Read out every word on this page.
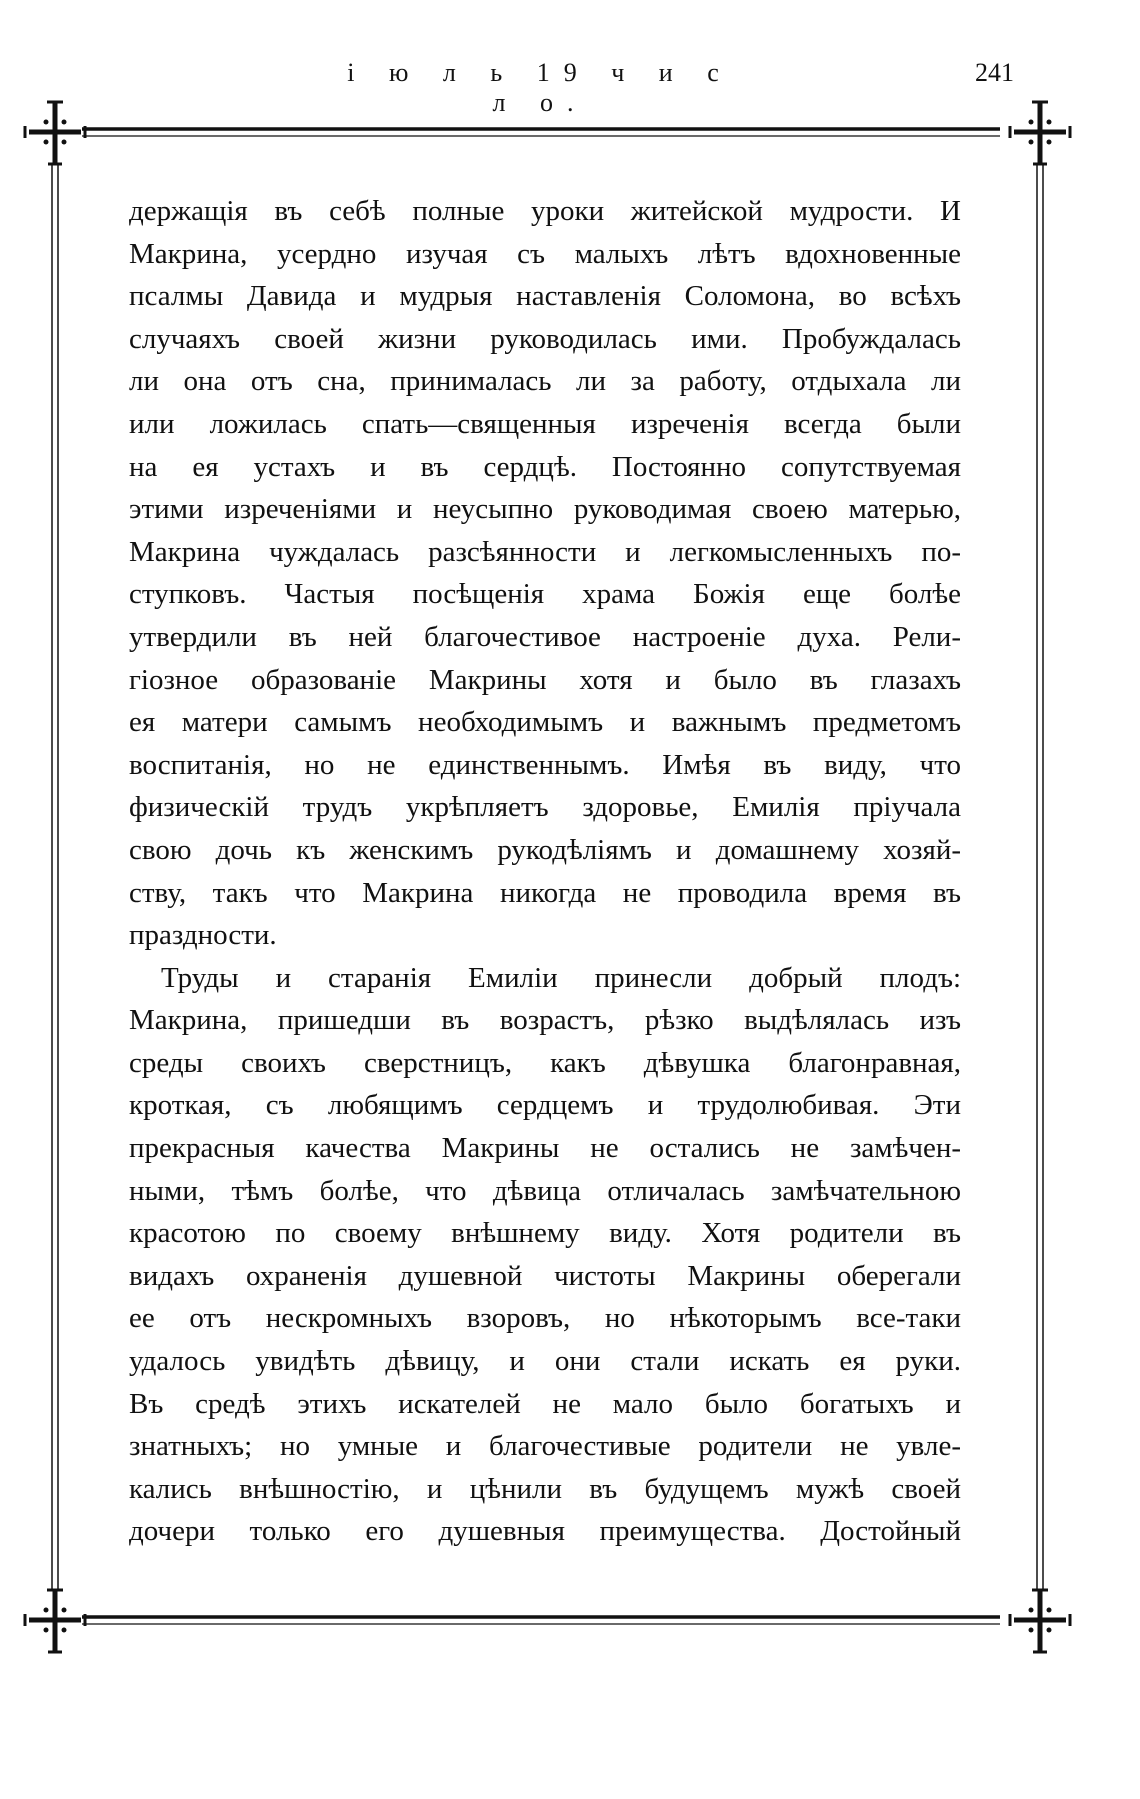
і ю л ь 19 ч и с л о.
241
держащія въ себѣ полные уроки житейской мудрости. И
Макрина, усердно изучая съ малыхъ лѣтъ вдохновенные
псалмы Давида и мудрыя наставленія Соломона, во всѣхъ
случаяхъ своей жизни руководилась ими. Пробуждалась
ли она отъ сна, принималась ли за работу, отдыхала ли
или ложилась спать—священныя изреченія всегда были
на ея устахъ и въ сердцѣ. Постоянно сопутствуемая
этими изреченіями и неусыпно руководимая своею матерью,
Макрина чуждалась разсѣянности и легкомысленныхъ по-
ступковъ. Частыя посѣщенія храма Божія еще болѣе
утвердили въ ней благочестивое настроеніе духа. Рели-
гіозное образованіе Макрины хотя и было въ глазахъ
ея матери самымъ необходимымъ и важнымъ предметомъ
воспитанія, но не единственнымъ. Имѣя въ виду, что
физическій трудъ укрѣпляетъ здоровье, Емилія пріучала
свою дочь къ женскимъ рукодѣліямъ и домашнему хозяй-
ству, такъ что Макрина никогда не проводила время въ
праздности.
Труды и старанія Емиліи принесли добрый плодъ:
Макрина, пришедши въ возрастъ, рѣзко выдѣлялась изъ
среды своихъ сверстницъ, какъ дѣвушка благонравная,
кроткая, съ любящимъ сердцемъ и трудолюбивая. Эти
прекрасныя качества Макрины не остались не замѣчен-
ными, тѣмъ болѣе, что дѣвица отличалась замѣчательною
красотою по своему внѣшнему виду. Хотя родители въ
видахъ охраненія душевной чистоты Макрины оберегали
ее отъ нескромныхъ взоровъ, но нѣкоторымъ все-таки
удалось увидѣть дѣвицу, и они стали искать ея руки.
Въ средѣ этихъ искателей не мало было богатыхъ и
знатныхъ; но умные и благочестивые родители не увле-
кались внѣшностію, и цѣнили въ будущемъ мужѣ своей
дочери только его душевныя преимущества. Достойный
